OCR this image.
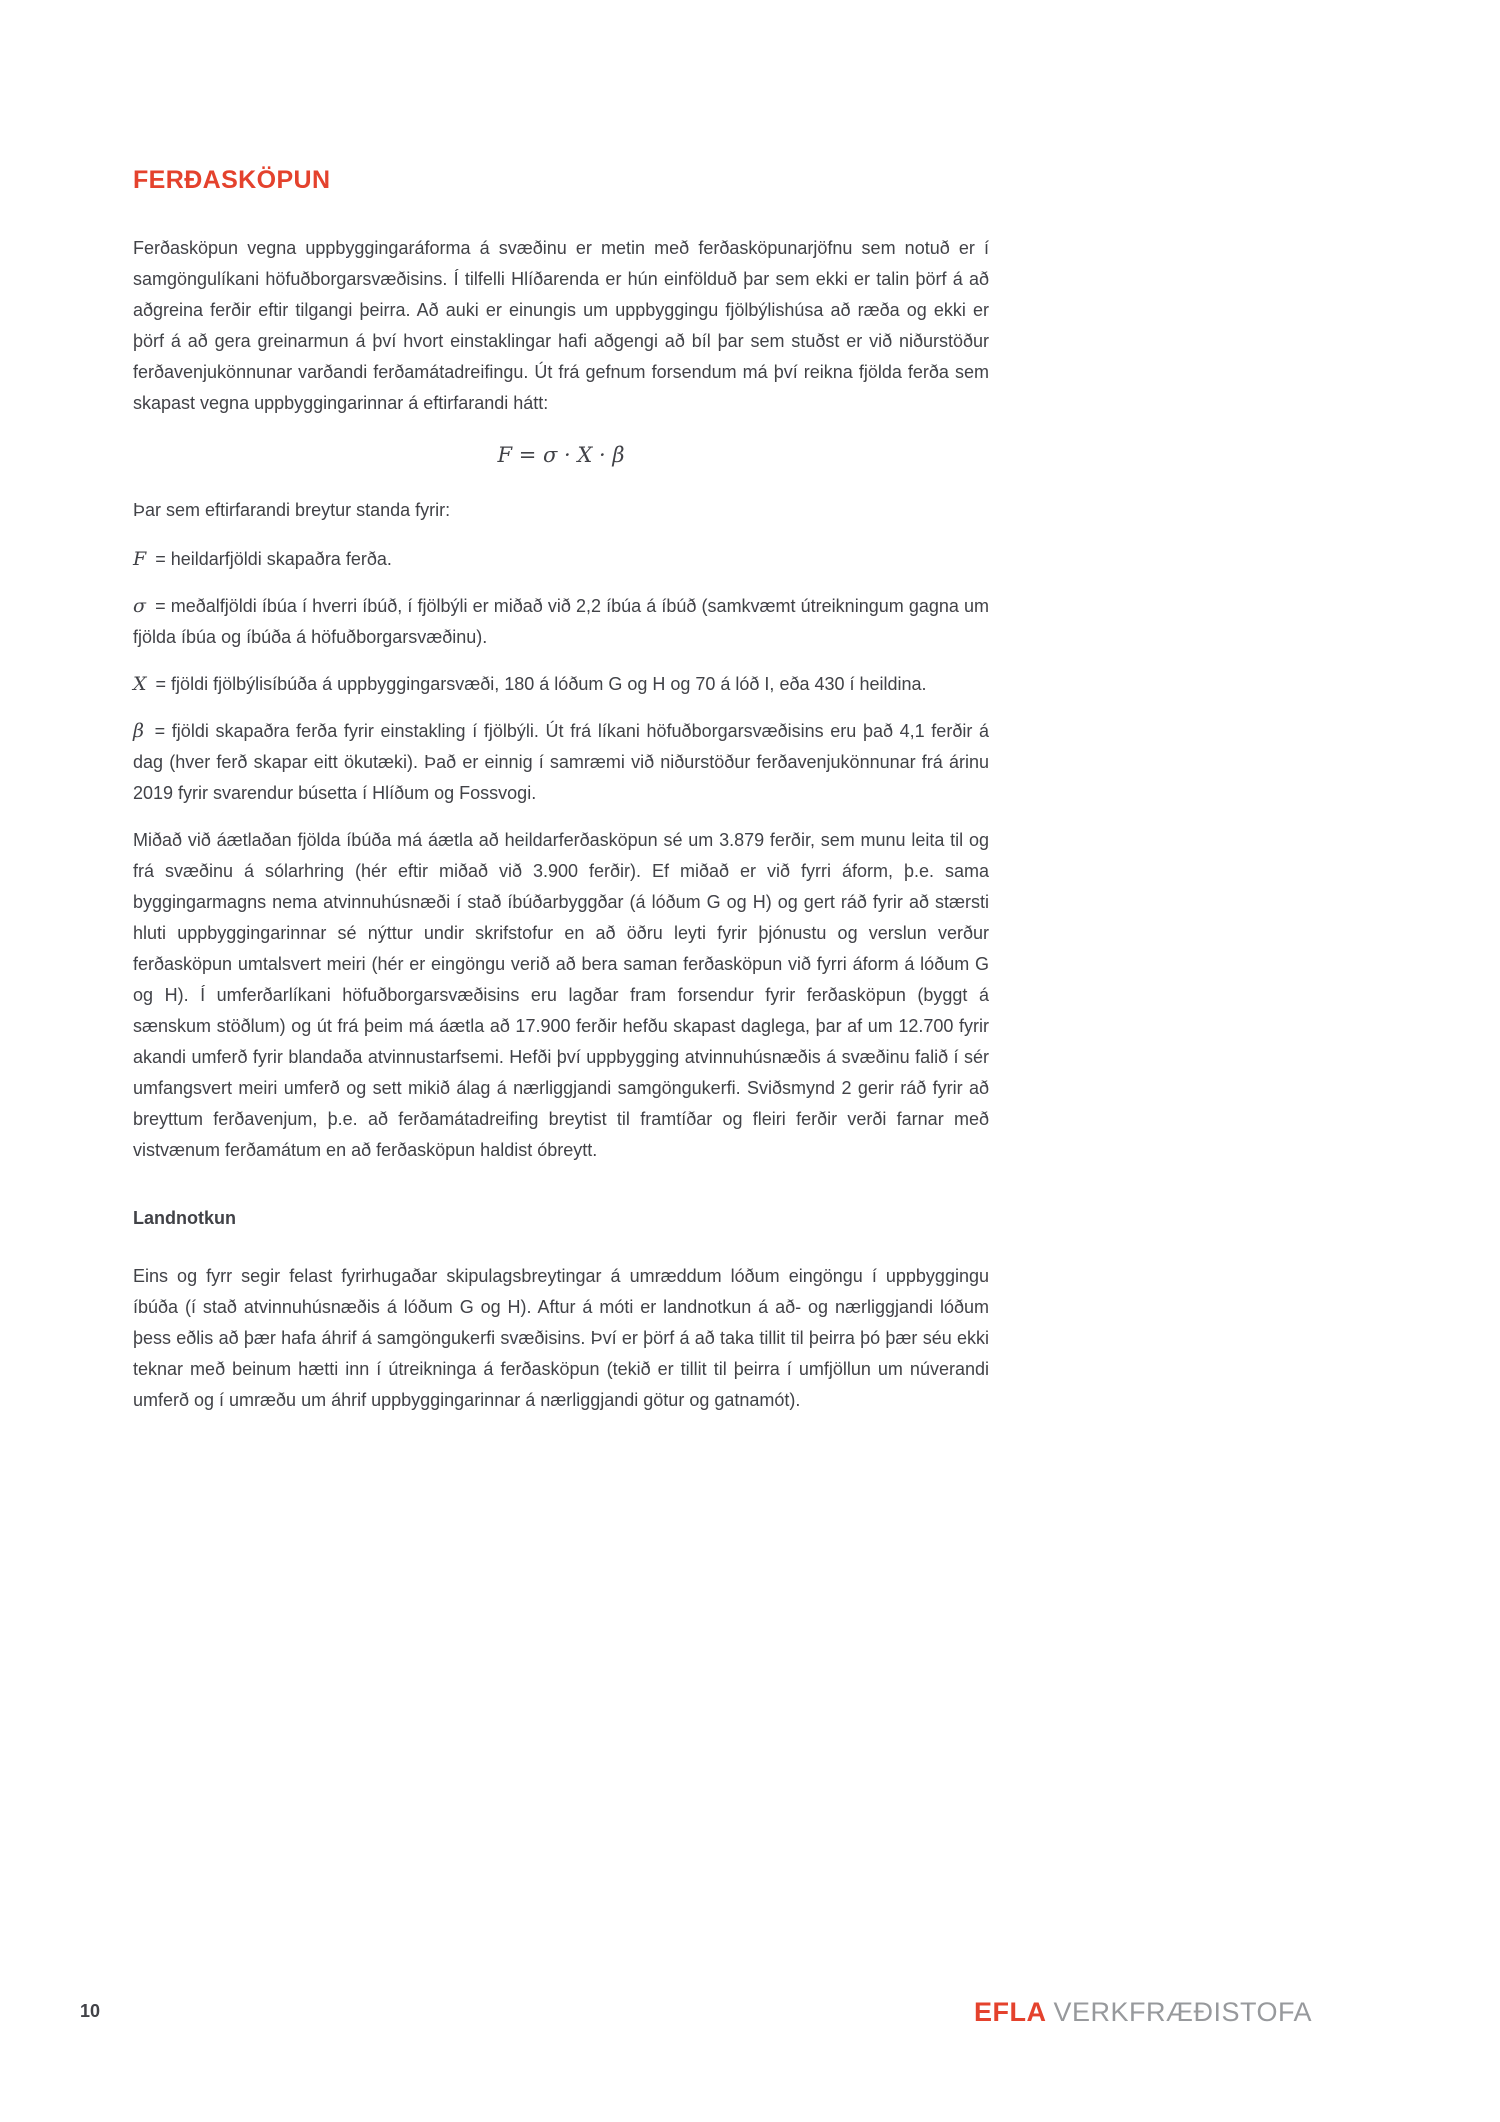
FERÐASKÖPUN

Ferðasköpun vegna uppbyggingaráforma á svæðinu er metin með ferðasköpunarjöfnu sem notuð er í samgöngulíkani höfuðborgarsvæðisins. Í tilfelli Hlíðarenda er hún einfölduð þar sem ekki er talin þörf á að aðgreina ferðir eftir tilgangi þeirra. Að auki er einungis um uppbyggingu fjölbýlishúsa að ræða og ekki er þörf á að gera greinarmun á því hvort einstaklingar hafi aðgengi að bíl þar sem stuðst er við niðurstöður ferðavenjukönnunar varðandi ferðamátadreifingu. Út frá gefnum forsendum má því reikna fjölda ferða sem skapast vegna uppbyggingarinnar á eftirfarandi hátt:

F = σ · X · β

Þar sem eftirfarandi breytur standa fyrir:

F = heildarfjöldi skapaðra ferða.

σ = meðalfjöldi íbúa í hverri íbúð, í fjölbýli er miðað við 2,2 íbúa á íbúð (samkvæmt útreikningum gagna um fjölda íbúa og íbúða á höfuðborgarsvæðinu).

X = fjöldi fjölbýlisíbúða á uppbyggingarsvæði, 180 á lóðum G og H og 70 á lóð I, eða 430 í heildina.

β = fjöldi skapaðra ferða fyrir einstakling í fjölbýli. Út frá líkani höfuðborgarsvæðisins eru það 4,1 ferðir á dag (hver ferð skapar eitt ökutæki). Það er einnig í samræmi við niðurstöður ferðavenjukönnunar frá árinu 2019 fyrir svarendur búsetta í Hlíðum og Fossvogi.

Miðað við áætlaðan fjölda íbúða má áætla að heildarferðasköpun sé um 3.879 ferðir, sem munu leita til og frá svæðinu á sólarhring (hér eftir miðað við 3.900 ferðir). Ef miðað er við fyrri áform, þ.e. sama byggingarmagns nema atvinnuhúsnæði í stað íbúðarbyggðar (á lóðum G og H) og gert ráð fyrir að stærsti hluti uppbyggingarinnar sé nýttur undir skrifstofur en að öðru leyti fyrir þjónustu og verslun verður ferðasköpun umtalsvert meiri (hér er eingöngu verið að bera saman ferðasköpun við fyrri áform á lóðum G og H). Í umferðarlíkani höfuðborgarsvæðisins eru lagðar fram forsendur fyrir ferðasköpun (byggt á sænskum stöðlum) og út frá þeim má áætla að 17.900 ferðir hefðu skapast daglega, þar af um 12.700 fyrir akandi umferð fyrir blandaða atvinnustarfsemi. Hefði því uppbygging atvinnuhúsnæðis á svæðinu falið í sér umfangsvert meiri umferð og sett mikið álag á nærliggjandi samgöngukerfi. Sviðsmynd 2 gerir ráð fyrir að breyttum ferðavenjum, þ.e. að ferðamátadreifing breytist til framtíðar og fleiri ferðir verði farnar með vistvænum ferðamátum en að ferðasköpun haldist óbreytt.

Landnotkun

Eins og fyrr segir felast fyrirhugaðar skipulagsbreytingar á umræddum lóðum eingöngu í uppbyggingu íbúða (í stað atvinnuhúsnæðis á lóðum G og H). Aftur á móti er landnotkun á að- og nærliggjandi lóðum þess eðlis að þær hafa áhrif á samgöngukerfi svæðisins. Því er þörf á að taka tillit til þeirra þó þær séu ekki teknar með beinum hætti inn í útreikninga á ferðasköpun (tekið er tillit til þeirra í umfjöllun um núverandi umferð og í umræðu um áhrif uppbyggingarinnar á nærliggjandi götur og gatnamót).

10	EFLA VERKFRÆÐISTOFA
